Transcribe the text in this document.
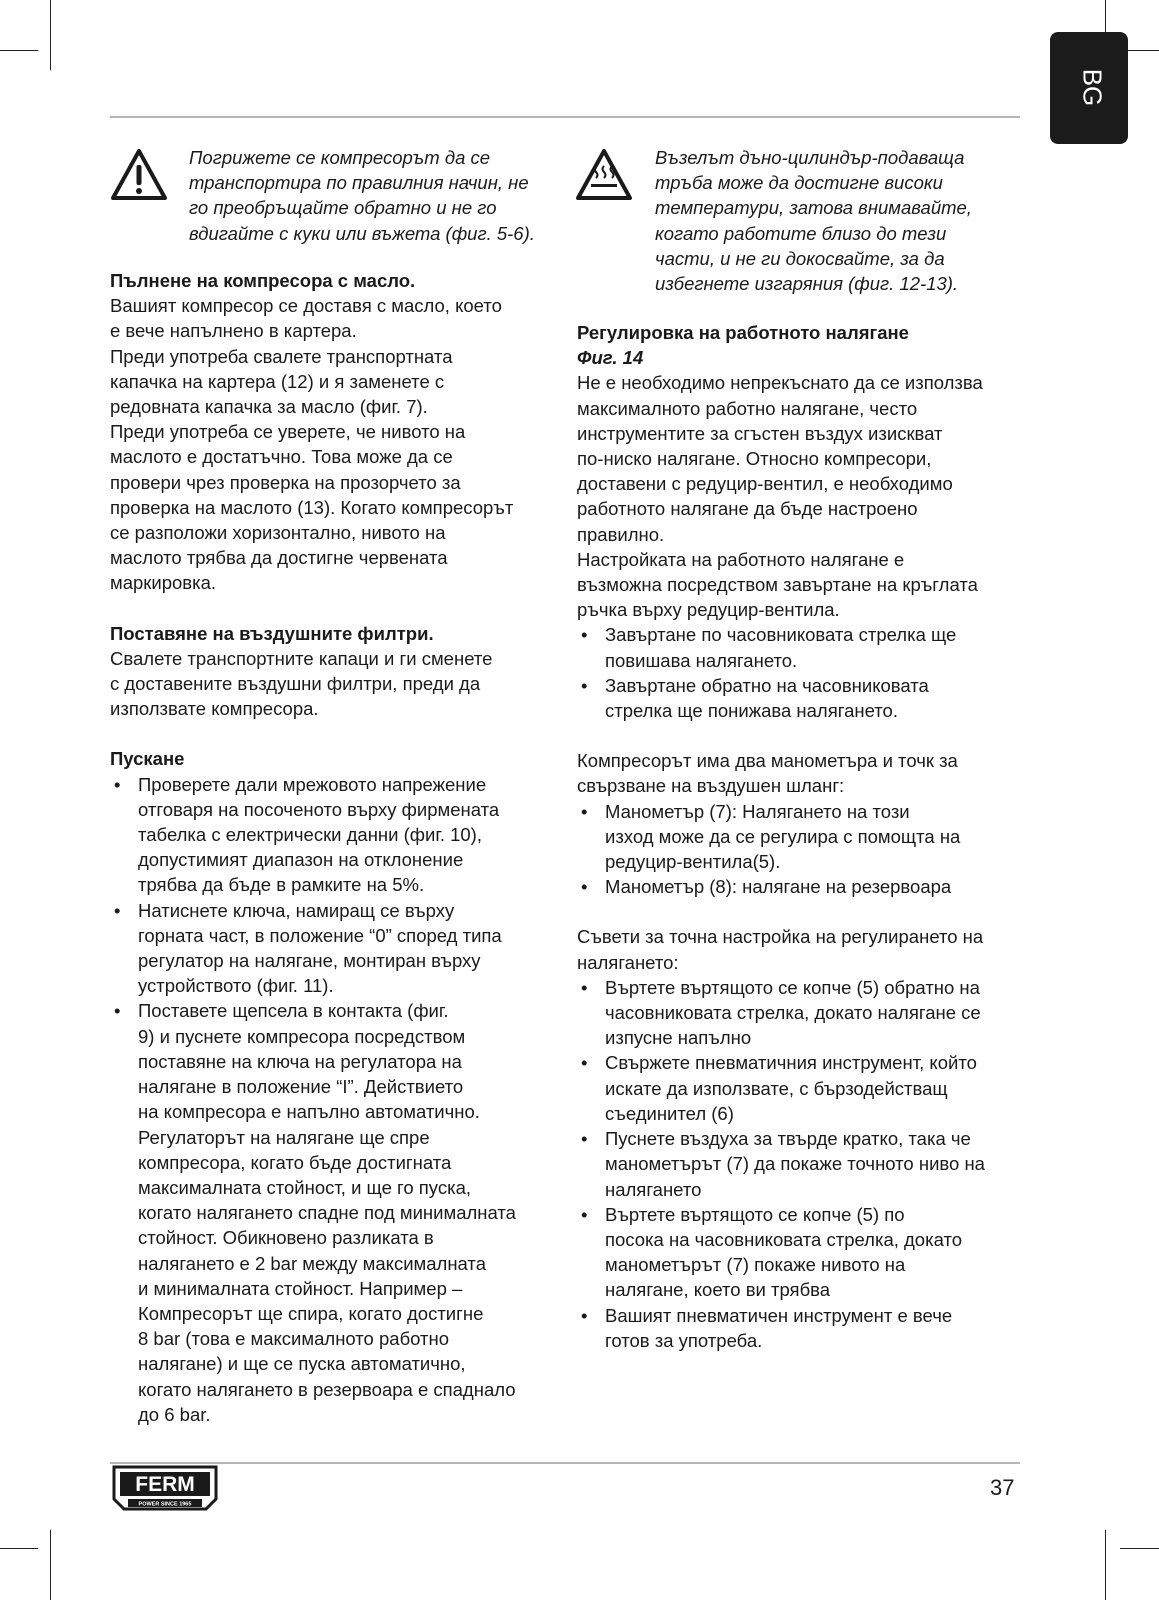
BG
Погрижете се компресорът да се
транспортира по правилния начин, не
го преобръщайте обратно и не го
вдигайте с куки или въжета (фиг. 5-6).

Пълнене на компресора с масло.

Вашият компресор се доставя с масло, което
е вече напълнено в картера.
Преди употреба свалете транспортната
капачка на картера (12) и я заменете с
редовната капачка за масло (фиг. 7).
Преди употреба се уверете, че нивото на
маслото е достатъчно. Това може да се
провери чрез проверка на прозорчето за
проверка на маслото (13). Когато компресорът
се разположи хоризонтално, нивото на
маслото трябва да достигне червената
маркировка.

Поставяне на въздушните филтри.

Свалете транспортните капаци и ги сменете
с доставените въздушни филтри, преди да
използвате компресора.

Пускане

• Проверете дали мрежовото напрежение
отговаря на посоченото върху фирмената
табелка с електрически данни (фиг. 10),
допустимият диапазон на отклонение
трябва да бъде в рамките на 5%.
• Натиснете ключа, намиращ се върху
горната част, в положение “0” според типа
регулатор на налягане, монтиран върху
устройството (фиг. 11).
• Поставете щепсела в контакта (фиг.
9) и пуснете компресора посредством
поставяне на ключа на регулатора на
налягане в положение “I”. Действието
на компресора е напълно автоматично.
Регулаторът на налягане ще спре
компресора, когато бъде достигната
максималната стойност, и ще го пуска,
когато налягането спадне под минималната
стойност. Обикновено разликата в
налягането е 2 bar между максималната
и минималната стойност. Например –
Компресорът ще спира, когато достигне
8 bar (това е максималното работно
налягане) и ще се пуска автоматично,
когато налягането в резервоара е спаднало
до 6 bar.
Възелът дъно-цилиндър-подаваща
тръба може да достигне високи
температури, затова внимавайте,
когато работите близо до тези
части, и не ги докосвайте, за да
избегнете изгаряния (фиг. 12-13).

Регулировка на работното налягане

Фиг. 14

Не е необходимо непрекъснато да се използва
максималното работно налягане, често
инструментите за сгъстен въздух изискват
по-ниско налягане. Относно компресори,
доставени с редуцир-вентил, е необходимо
работното налягане да бъде настроено
правилно.
Настройката на работното налягане е
възможна посредством завъртане на кръглата
ръчка върху редуцир-вентила.

• Завъртане по часовниковата стрелка ще
повишава налягането.
• Завъртане обратно на часовниковата
стрелка ще понижава налягането.

Компресорът има два манометъра и точк за
свързване на въздушен шланг:

• Манометър (7): Налягането на този
изход може да се регулира с помощта на
редуцир-вентила(5).
• Манометър (8): налягане на резервоара

Съвети за точна настройка на регулирането на
налягането:

• Въртете въртящото се копче (5) обратно на
часовниковата стрелка, докато налягане се
изпусне напълно
• Свържете пневматичния инструмент, който
искате да използвате, с бързодействащ
съединител (6)
• Пуснете въздуха за твърде кратко, така че
манометърът (7) да покаже точното ниво на
налягането
• Въртете въртящото се копче (5) по
посока на часовниковата стрелка, докато
манометърът (7) покаже нивото на
налягане, което ви трябва
• Вашият пневматичен инструмент е вече
готов за употреба.
FERM
POWER SINCE 1965
37
